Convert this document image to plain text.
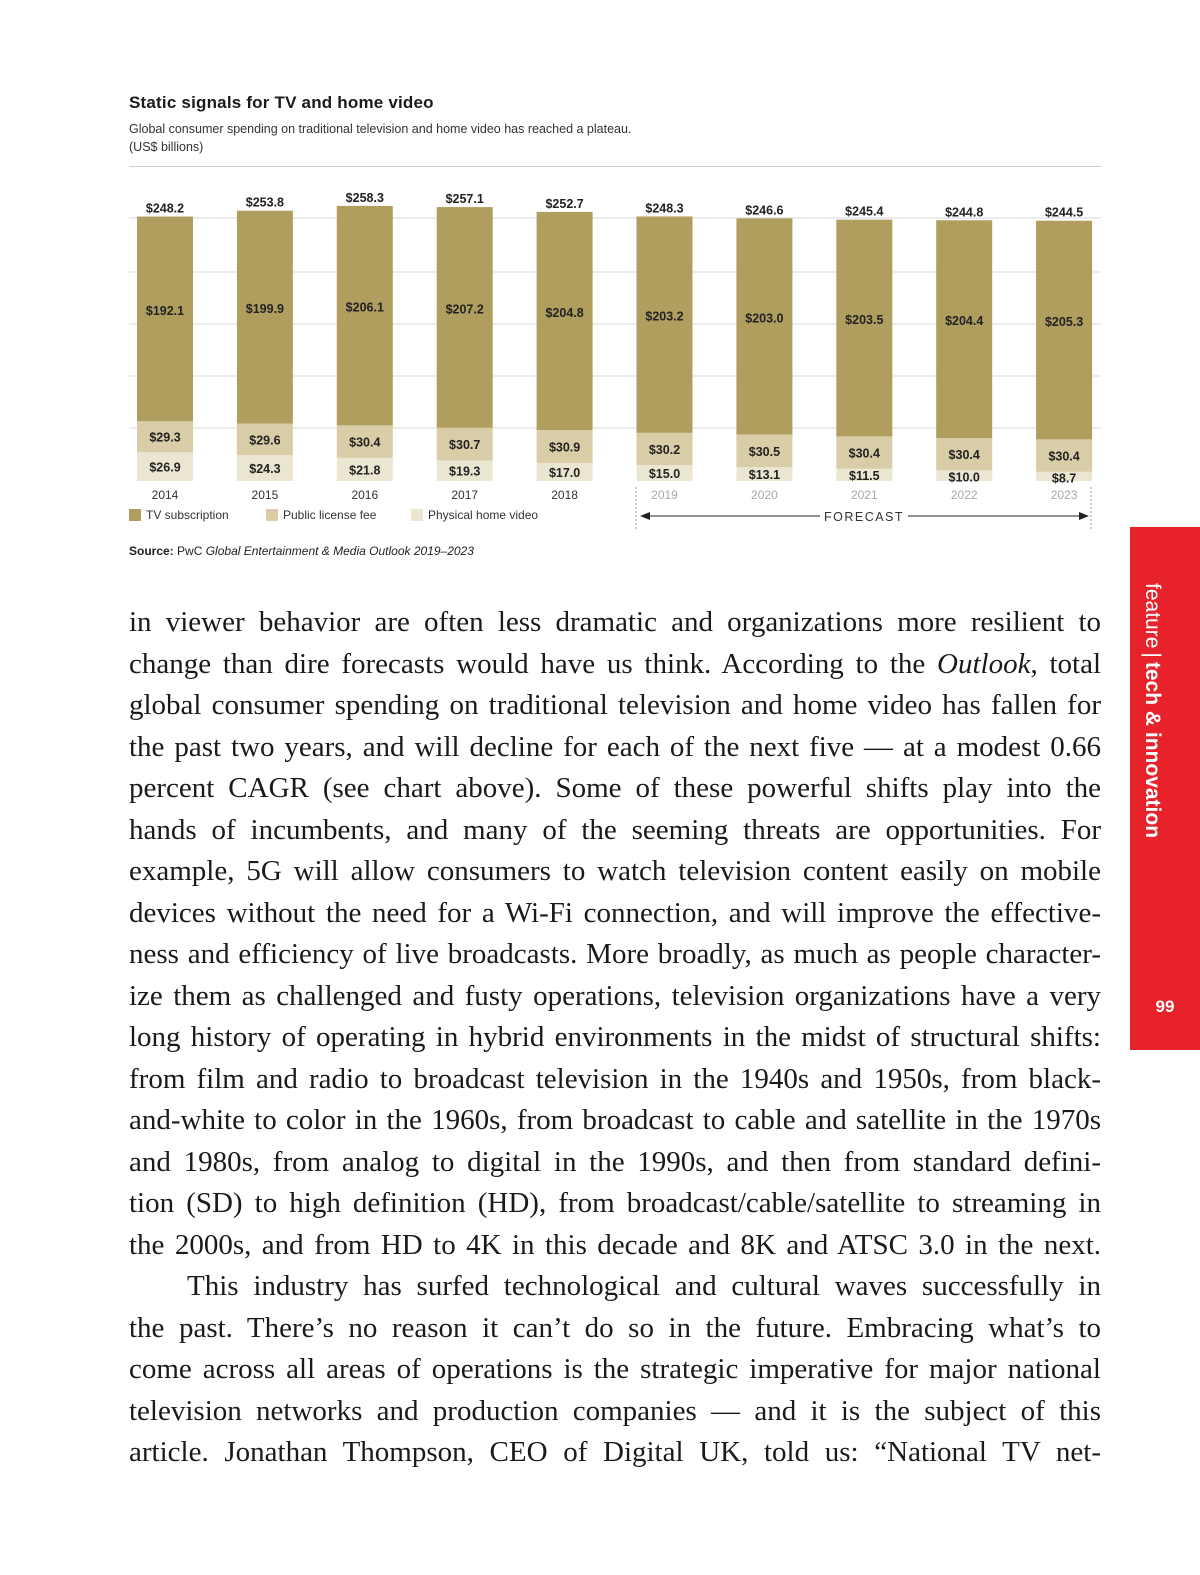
Static signals for TV and home video
Global consumer spending on traditional television and home video has reached a plateau.
(US$ billions)
$248.2
$192.1
$29.3
$26.9
2014
$253.8
$199.9
$29.6
$24.3
2015
$258.3
$206.1
$30.4
$21.8
2016
$257.1
$207.2
$30.7
$19.3
2017
$252.7
$204.8
$30.9
$17.0
2018
$248.3
$203.2
$30.2
$15.0
2019
$246.6
$203.0
$30.5
$13.1
2020
$245.4
$203.5
$30.4
$11.5
2021
$244.8
$204.4
$30.4
$10.0
2022
$244.5
$205.3
$30.4
$8.7
2023
TV subscription	Public license fee	Physical home video	FORECAST
Source: PwC Global Entertainment & Media Outlook 2019–2023
in viewer behavior are often less dramatic and organizations more resilient to
change than dire forecasts would have us think. According to the Outlook, total
global consumer spending on traditional television and home video has fallen for
the past two years, and will decline for each of the next five — at a modest 0.66
percent CAGR (see chart above). Some of these powerful shifts play into the
hands of incumbents, and many of the seeming threats are opportunities. For
example, 5G will allow consumers to watch television content easily on mobile
devices without the need for a Wi-Fi connection, and will improve the effective-
ness and efficiency of live broadcasts. More broadly, as much as people character-
ize them as challenged and fusty operations, television organizations have a very
long history of operating in hybrid environments in the midst of structural shifts:
from film and radio to broadcast television in the 1940s and 1950s, from black-
and-white to color in the 1960s, from broadcast to cable and satellite in the 1970s
and 1980s, from analog to digital in the 1990s, and then from standard defini-
tion (SD) to high definition (HD), from broadcast/cable/satellite to streaming in
the 2000s, and from HD to 4K in this decade and 8K and ATSC 3.0 in the next.
This industry has surfed technological and cultural waves successfully in
the past. There’s no reason it can’t do so in the future. Embracing what’s to
come across all areas of operations is the strategic imperative for major national
television networks and production companies — and it is the subject of this
article. Jonathan Thompson, CEO of Digital UK, told us: “National TV net-
feature|tech & innovation
99
